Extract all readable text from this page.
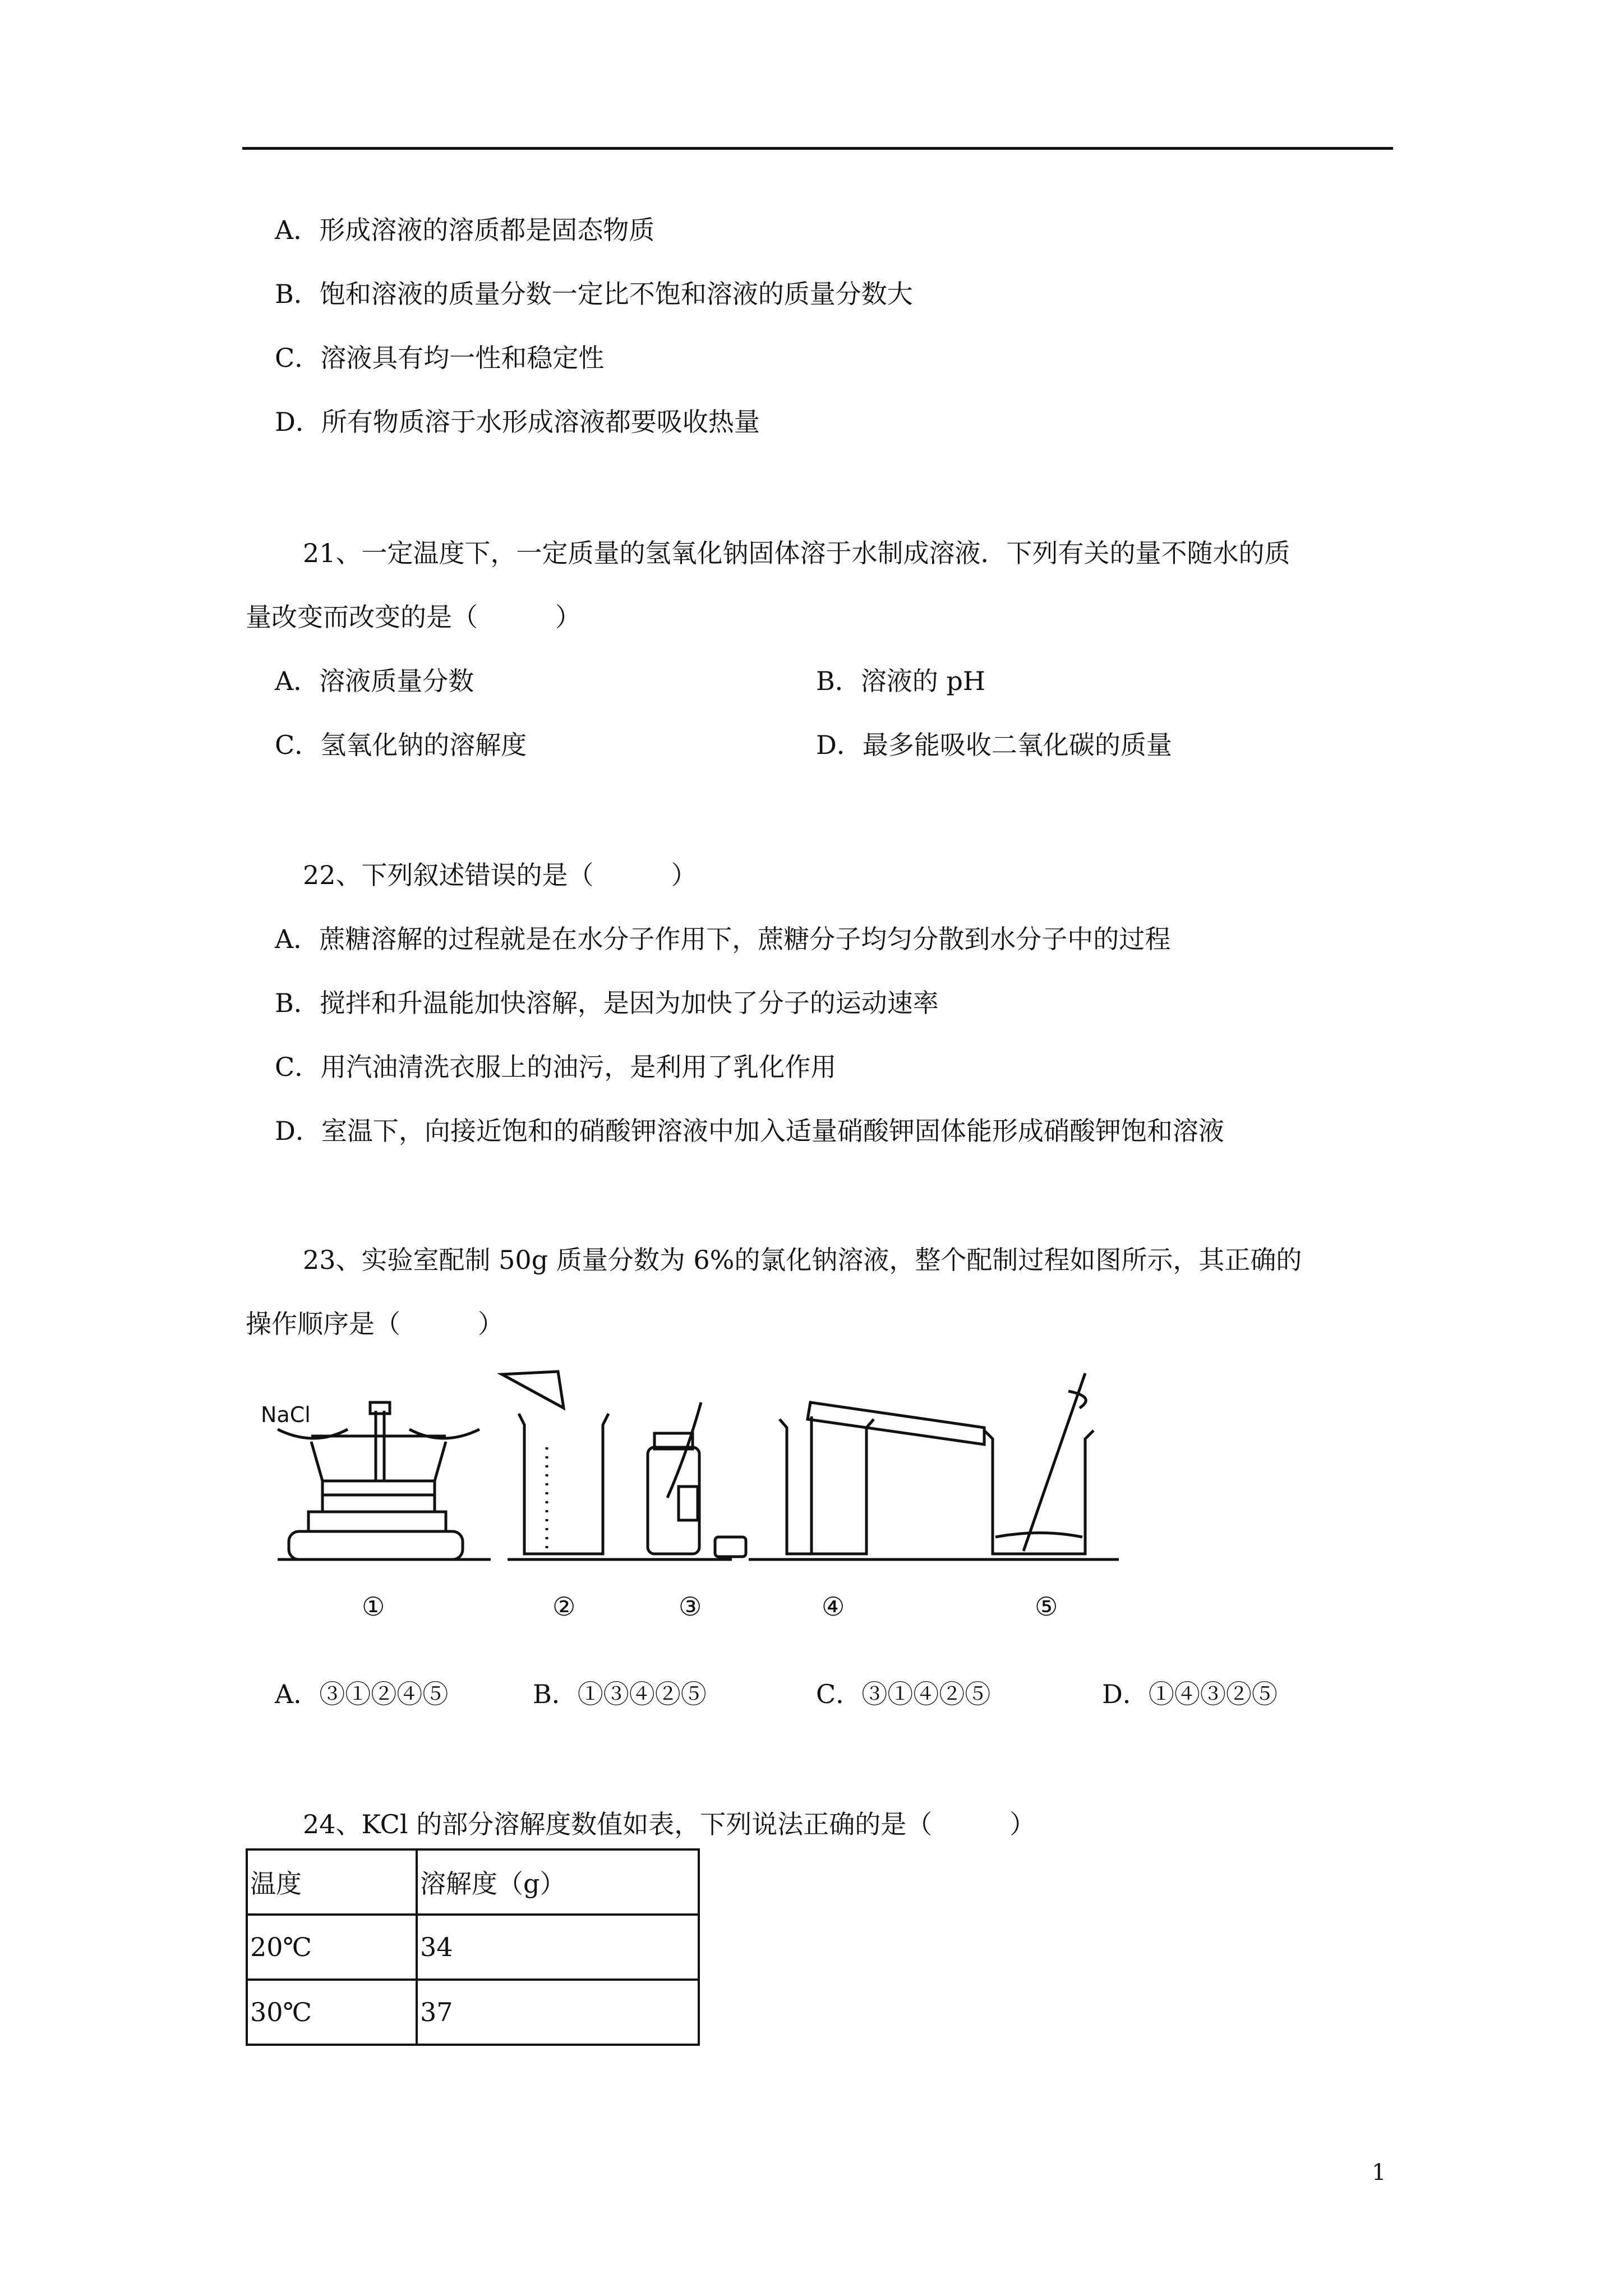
A．形成溶液的溶质都是固态物质
B．饱和溶液的质量分数一定比不饱和溶液的质量分数大
C．溶液具有均一性和稳定性
D．所有物质溶于水形成溶液都要吸收热量
21、一定温度下，一定质量的氢氧化钠固体溶于水制成溶液．下列有关的量不随水的质
量改变而改变的是（　　　）
A．溶液质量分数	B．溶液的 pH
C．氢氧化钠的溶解度	D．最多能吸收二氧化碳的质量
22、下列叙述错误的是（　　　）
A．蔗糖溶解的过程就是在水分子作用下，蔗糖分子均匀分散到水分子中的过程
B．搅拌和升温能加快溶解，是因为加快了分子的运动速率
C．用汽油清洗衣服上的油污，是利用了乳化作用
D．室温下，向接近饱和的硝酸钾溶液中加入适量硝酸钾固体能形成硝酸钾饱和溶液
23、实验室配制 50g 质量分数为 6%的氯化钠溶液，整个配制过程如图所示，其正确的
操作顺序是（　　　）
NaCl
①	②	③	④	⑤
A．③①②④⑤	B．①③④②⑤	C．③①④②⑤	D．①④③②⑤
24、KCl 的部分溶解度数值如表，下列说法正确的是（　　　）
温度	溶解度（g）
20℃	34
30℃	37
1
